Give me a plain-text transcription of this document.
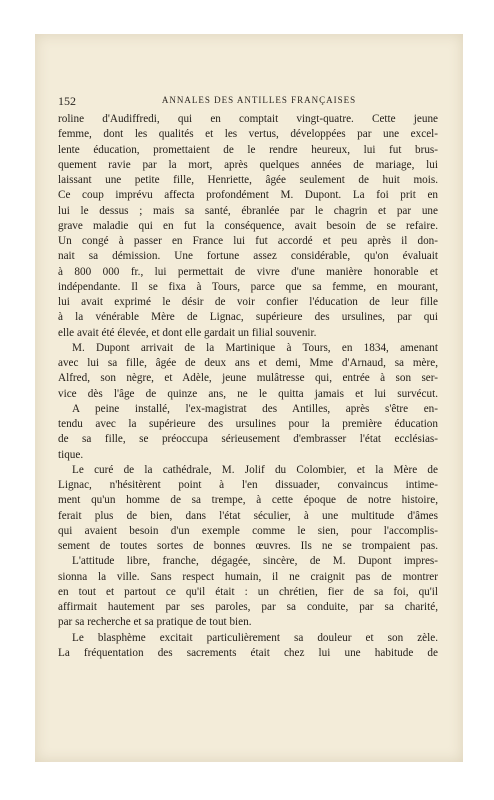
152	ANNALES DES ANTILLES FRANÇAISES
roline d'Audiffredi, qui en comptait vingt-quatre. Cette jeune
femme, dont les qualités et les vertus, développées par une excel-
lente éducation, promettaient de le rendre heureux, lui fut brus-
quement ravie par la mort, après quelques années de mariage, lui
laissant une petite fille, Henriette, âgée seulement de huit mois.
Ce coup imprévu affecta profondément M. Dupont. La foi prit en
lui le dessus ; mais sa santé, ébranlée par le chagrin et par une
grave maladie qui en fut la conséquence, avait besoin de se refaire.
Un congé à passer en France lui fut accordé et peu après il don-
nait sa démission. Une fortune assez considérable, qu'on évaluait
à 800 000 fr., lui permettait de vivre d'une manière honorable et
indépendante. Il se fixa à Tours, parce que sa femme, en mourant,
lui avait exprimé le désir de voir confier l'éducation de leur fille
à la vénérable Mère de Lignac, supérieure des ursulines, par qui
elle avait été élevée, et dont elle gardait un filial souvenir.
M. Dupont arrivait de la Martinique à Tours, en 1834, amenant
avec lui sa fille, âgée de deux ans et demi, Mme d'Arnaud, sa mère,
Alfred, son nègre, et Adèle, jeune mulâtresse qui, entrée à son ser-
vice dès l'âge de quinze ans, ne le quitta jamais et lui survécut.
A peine installé, l'ex-magistrat des Antilles, après s'être en-
tendu avec la supérieure des ursulines pour la première éducation
de sa fille, se préoccupa sérieusement d'embrasser l'état ecclésias-
tique.
Le curé de la cathédrale, M. Jolif du Colombier, et la Mère de
Lignac, n'hésitèrent point à l'en dissuader, convaincus intime-
ment qu'un homme de sa trempe, à cette époque de notre histoire,
ferait plus de bien, dans l'état séculier, à une multitude d'âmes
qui avaient besoin d'un exemple comme le sien, pour l'accomplis-
sement de toutes sortes de bonnes œuvres. Ils ne se trompaient pas.
L'attitude libre, franche, dégagée, sincère, de M. Dupont impres-
sionna la ville. Sans respect humain, il ne craignit pas de montrer
en tout et partout ce qu'il était : un chrétien, fier de sa foi, qu'il
affirmait hautement par ses paroles, par sa conduite, par sa charité,
par sa recherche et sa pratique de tout bien.
Le blasphème excitait particulièrement sa douleur et son zèle.
La fréquentation des sacrements était chez lui une habitude de
